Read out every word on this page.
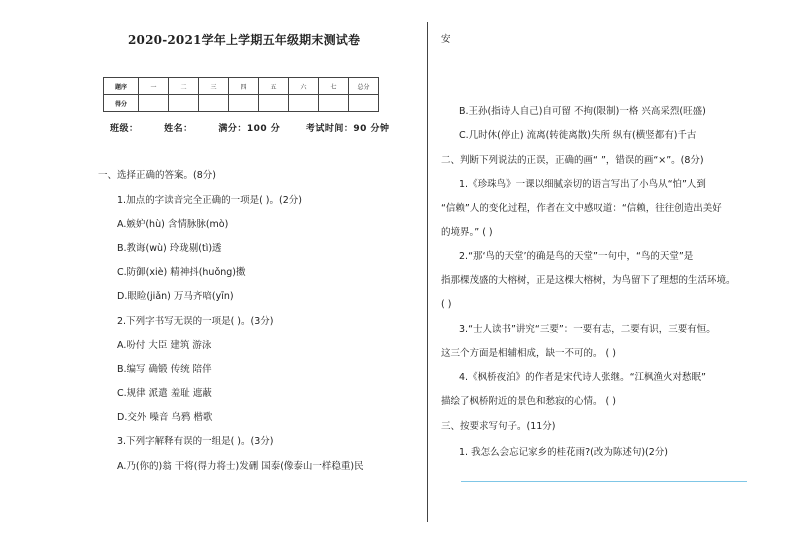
2020-2021学年上学期五年级期末测试卷
题序	一	二	三	四	五	六	七	总分
得分								
班级：	姓名：	满分：100 分	考试时间：90 分钟
一、选择正确的答案。(8分)
1.加点的字读音完全正确的一项是( )。(2分)
A.嫉妒(hù) 含情脉脉(mò)
B.教诲(wù) 玲珑剔(tì)透
C.防御(xiè) 精神抖(huǒng)擞
D.眼睑(jiǎn) 万马齐喑(yīn)
2.下列字书写无误的一项是( )。(3分)
A.吩付 大臣 建筑 游泳
B.编写 确锻 传统 陪伴
C.规律 派遣 羞耻 遮蔽
D.交外 噪音 乌鸦 楷歌
3.下列字解释有误的一组是( )。(3分)
A.乃(你的)翁 干将(得力将士)发硎 国泰(像泰山一样稳重)民
安
B.王孙(指诗人自己)自可留 不拘(限制)一格 兴高采烈(旺盛)
C.几时休(停止) 流离(转徙离散)失所 纵有(横竖都有)千古
二、判断下列说法的正误，正确的画“ ”，错误的画“×”。(8分)
1.《珍珠鸟》一课以细腻亲切的语言写出了小鸟从“怕”人到
“信赖”人的变化过程，作者在文中感叹道：“信赖，往往创造出美好
的境界。” ( )
2.“那‘鸟的天堂’的确是鸟的天堂”一句中，“鸟的天堂”是
指那棵茂盛的大榕树，正是这棵大榕树，为鸟留下了理想的生活环境。
( )
3.“士人读书”讲究“三要”：一要有志，二要有识，三要有恒。
这三个方面是相辅相成，缺一不可的。 ( )
4.《枫桥夜泊》的作者是宋代诗人张继。“江枫渔火对愁眠”
描绘了枫桥附近的景色和愁寂的心情。 ( )
三、按要求写句子。(11分)
1. 我怎么会忘记家乡的桂花雨?(改为陈述句)(2分)
